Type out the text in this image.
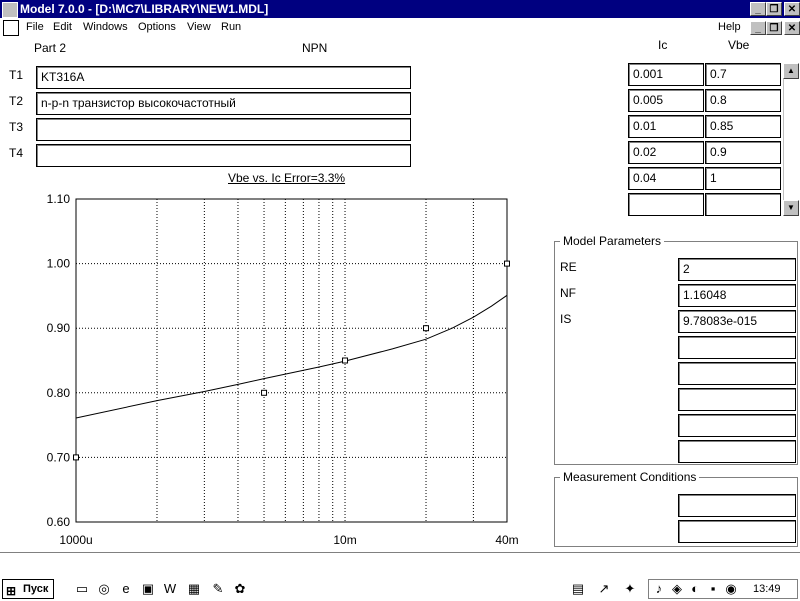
Model 7.0.0 - [D:\MC7\LIBRARY\NEW1.MDL]	_ ❐ ✕
File Edit Windows Options View Run	Help	_ ❐ ✕
Part 2	NPN
T1	KT316A
T2	n-p-n транзистор высокочастотный
T3
T4
Ic	Vbe
0.001	0.7
0.005	0.8
0.01	0.85
0.02	0.9
0.04	1
▲
▼
Model Parameters
RE	2
NF	1.16048
IS	9.78083e-015
Measurement Conditions
Vbe vs. Ic Error=3.3%
1.10
1.00
0.90
0.80
0.70
0.60
1000u	10m	40m
⊞ Пуск	▭ ◎ e ▣ W ▦ ✎ ✿	▤ ↗ ✦	♪ ◈ ◐ ▪ ◉ 13:49
